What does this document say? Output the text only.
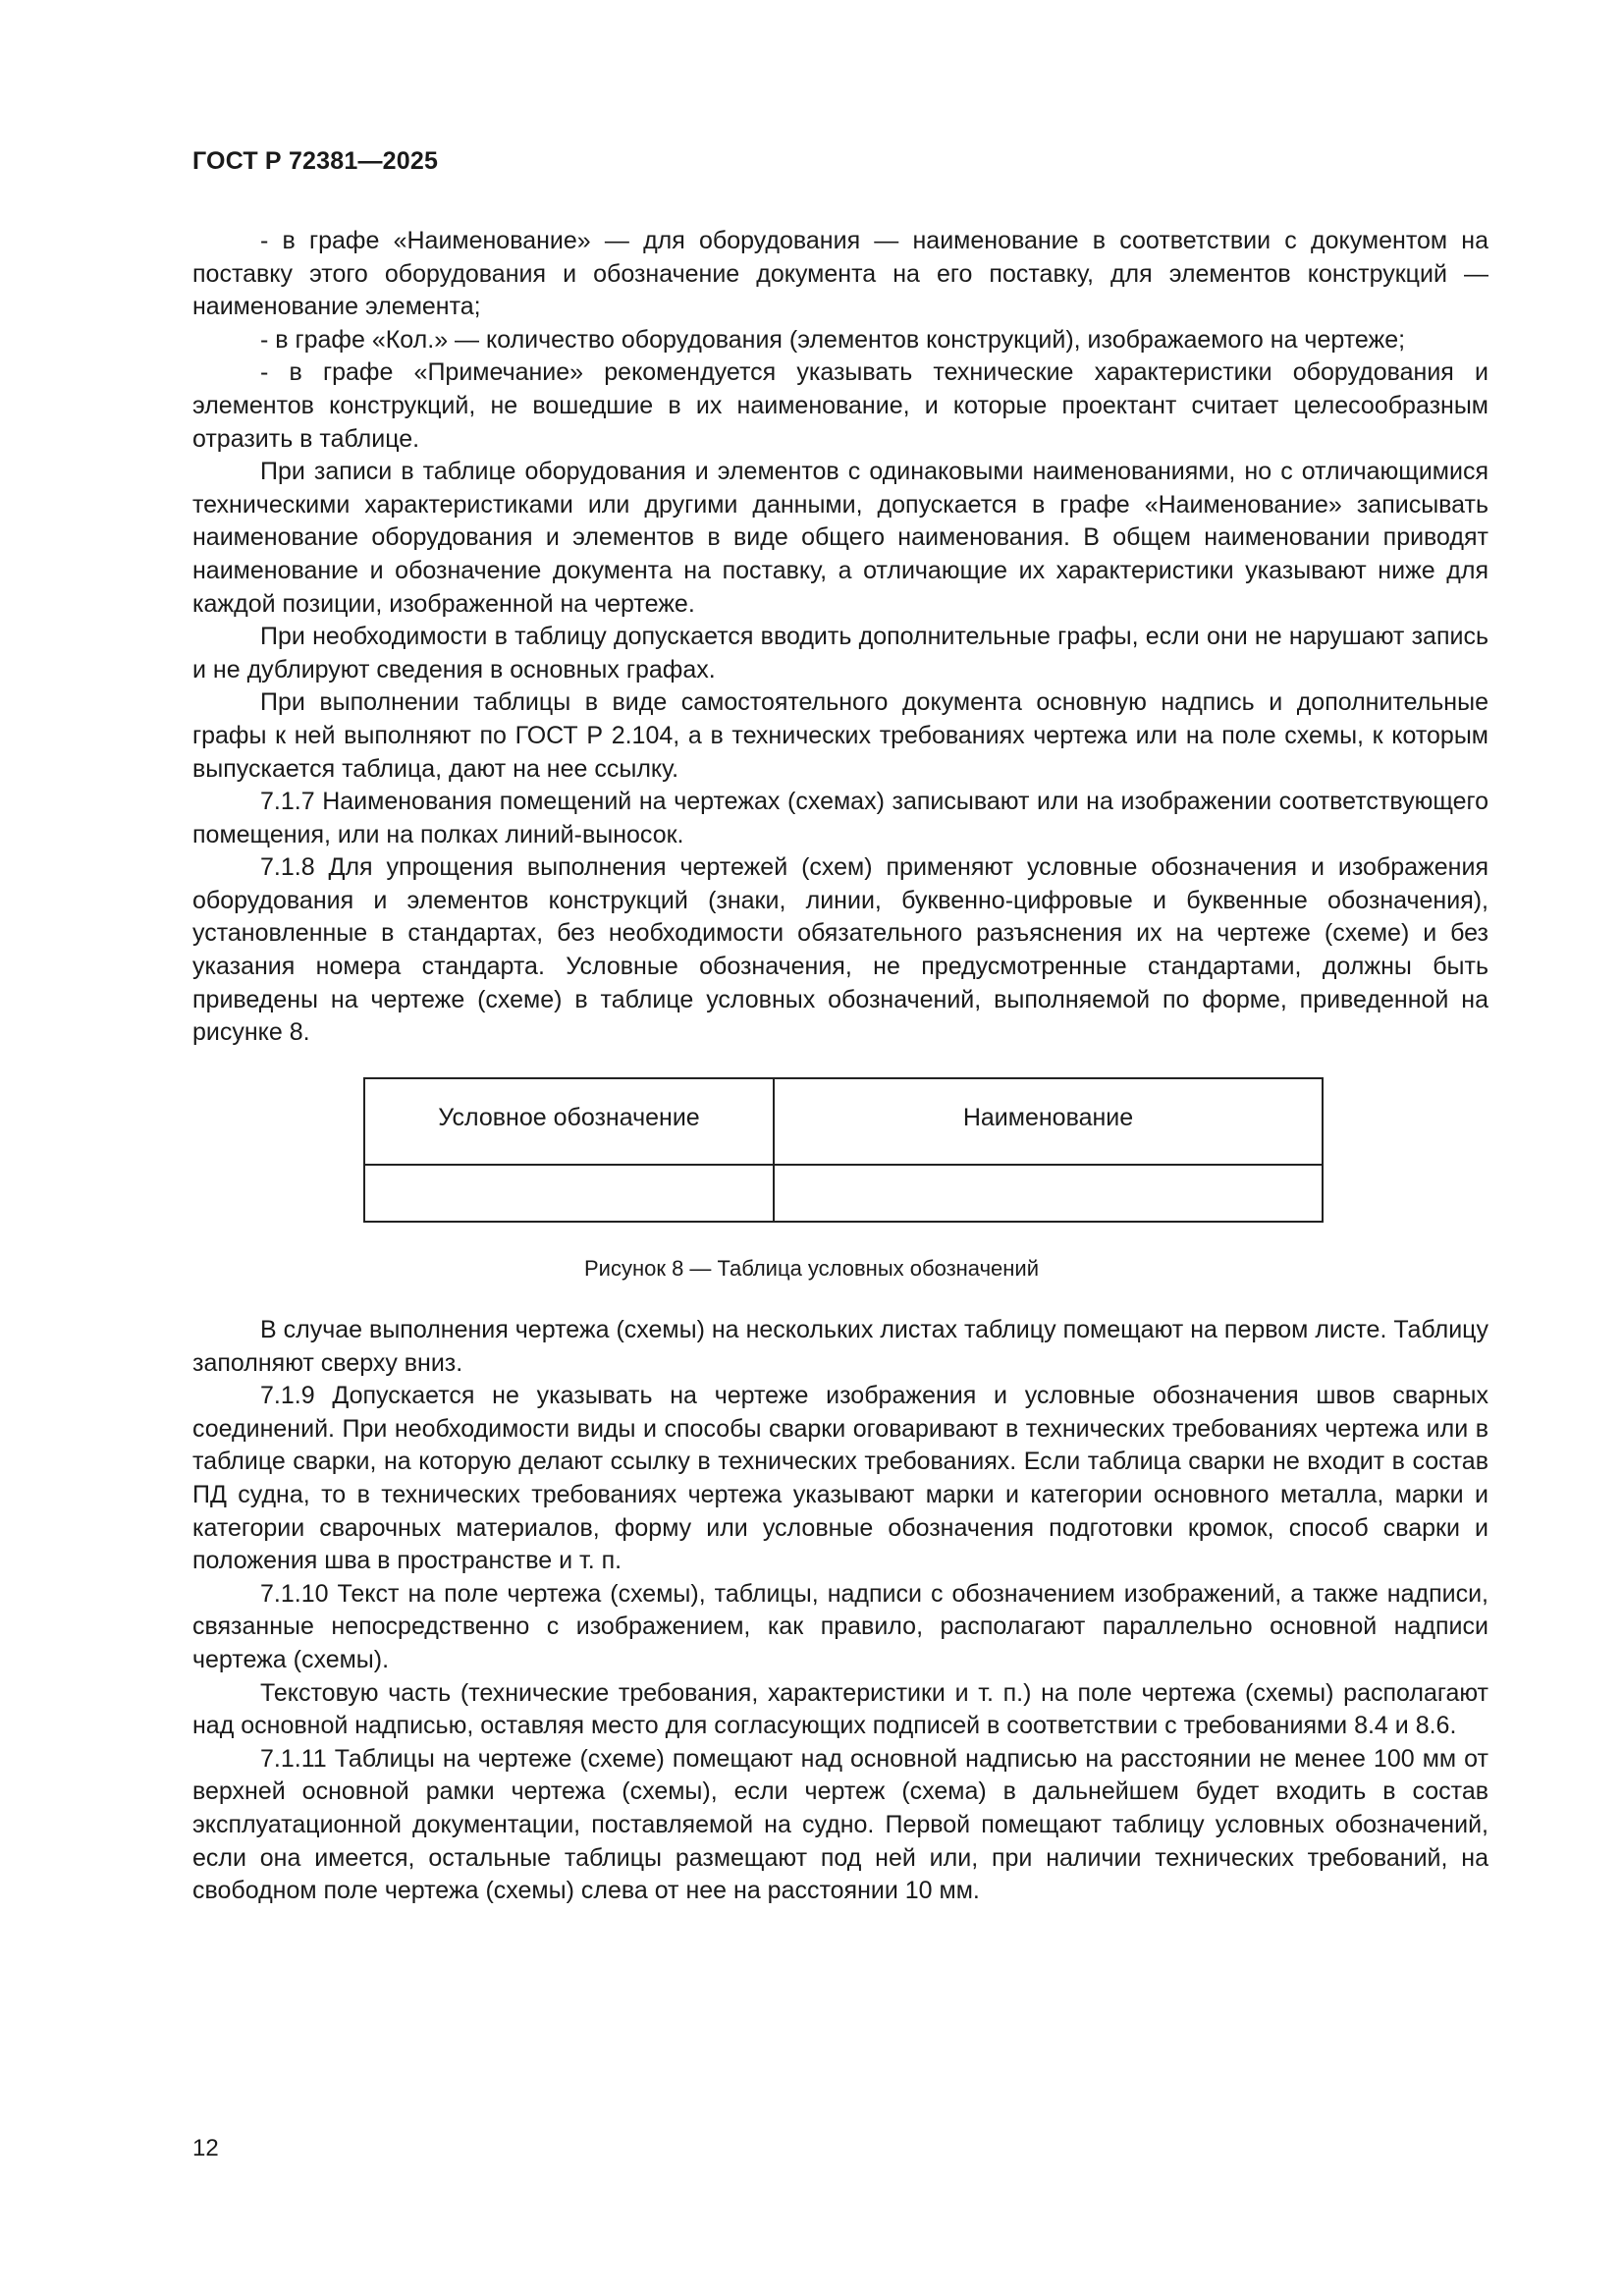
ГОСТ Р 72381—2025

- в графе «Наименование» — для оборудования — наименование в соответствии с документом на поставку этого оборудования и обозначение документа на его поставку, для элементов конструкций — наименование элемента;

- в графе «Кол.» — количество оборудования (элементов конструкций), изображаемого на чертеже;

- в графе «Примечание» рекомендуется указывать технические характеристики оборудования и элементов конструкций, не вошедшие в их наименование, и которые проектант считает целесообразным отразить в таблице.

При записи в таблице оборудования и элементов с одинаковыми наименованиями, но с отличающимися техническими характеристиками или другими данными, допускается в графе «Наименование» записывать наименование оборудования и элементов в виде общего наименования. В общем наименовании приводят наименование и обозначение документа на поставку, а отличающие их характеристики указывают ниже для каждой позиции, изображенной на чертеже.

При необходимости в таблицу допускается вводить дополнительные графы, если они не нарушают запись и не дублируют сведения в основных графах.

При выполнении таблицы в виде самостоятельного документа основную надпись и дополнительные графы к ней выполняют по ГОСТ Р 2.104, а в технических требованиях чертежа или на поле схемы, к которым выпускается таблица, дают на нее ссылку.

7.1.7 Наименования помещений на чертежах (схемах) записывают или на изображении соответствующего помещения, или на полках линий-выносок.

7.1.8 Для упрощения выполнения чертежей (схем) применяют условные обозначения и изображения оборудования и элементов конструкций (знаки, линии, буквенно-цифровые и буквенные обозначения), установленные в стандартах, без необходимости обязательного разъяснения их на чертеже (схеме) и без указания номера стандарта. Условные обозначения, не предусмотренные стандартами, должны быть приведены на чертеже (схеме) в таблице условных обозначений, выполняемой по форме, приведенной на рисунке 8.

Условное обозначение	Наименование

Рисунок 8 — Таблица условных обозначений

В случае выполнения чертежа (схемы) на нескольких листах таблицу помещают на первом листе. Таблицу заполняют сверху вниз.

7.1.9 Допускается не указывать на чертеже изображения и условные обозначения швов сварных соединений. При необходимости виды и способы сварки оговаривают в технических требованиях чертежа или в таблице сварки, на которую делают ссылку в технических требованиях. Если таблица сварки не входит в состав ПД судна, то в технических требованиях чертежа указывают марки и категории основного металла, марки и категории сварочных материалов, форму или условные обозначения подготовки кромок, способ сварки и положения шва в пространстве и т. п.

7.1.10 Текст на поле чертежа (схемы), таблицы, надписи с обозначением изображений, а также надписи, связанные непосредственно с изображением, как правило, располагают параллельно основной надписи чертежа (схемы).

Текстовую часть (технические требования, характеристики и т. п.) на поле чертежа (схемы) располагают над основной надписью, оставляя место для согласующих подписей в соответствии с требованиями 8.4 и 8.6.

7.1.11 Таблицы на чертеже (схеме) помещают над основной надписью на расстоянии не менее 100 мм от верхней основной рамки чертежа (схемы), если чертеж (схема) в дальнейшем будет входить в состав эксплуатационной документации, поставляемой на судно. Первой помещают таблицу условных обозначений, если она имеется, остальные таблицы размещают под ней или, при наличии технических требований, на свободном поле чертежа (схемы) слева от нее на расстоянии 10 мм.

12
